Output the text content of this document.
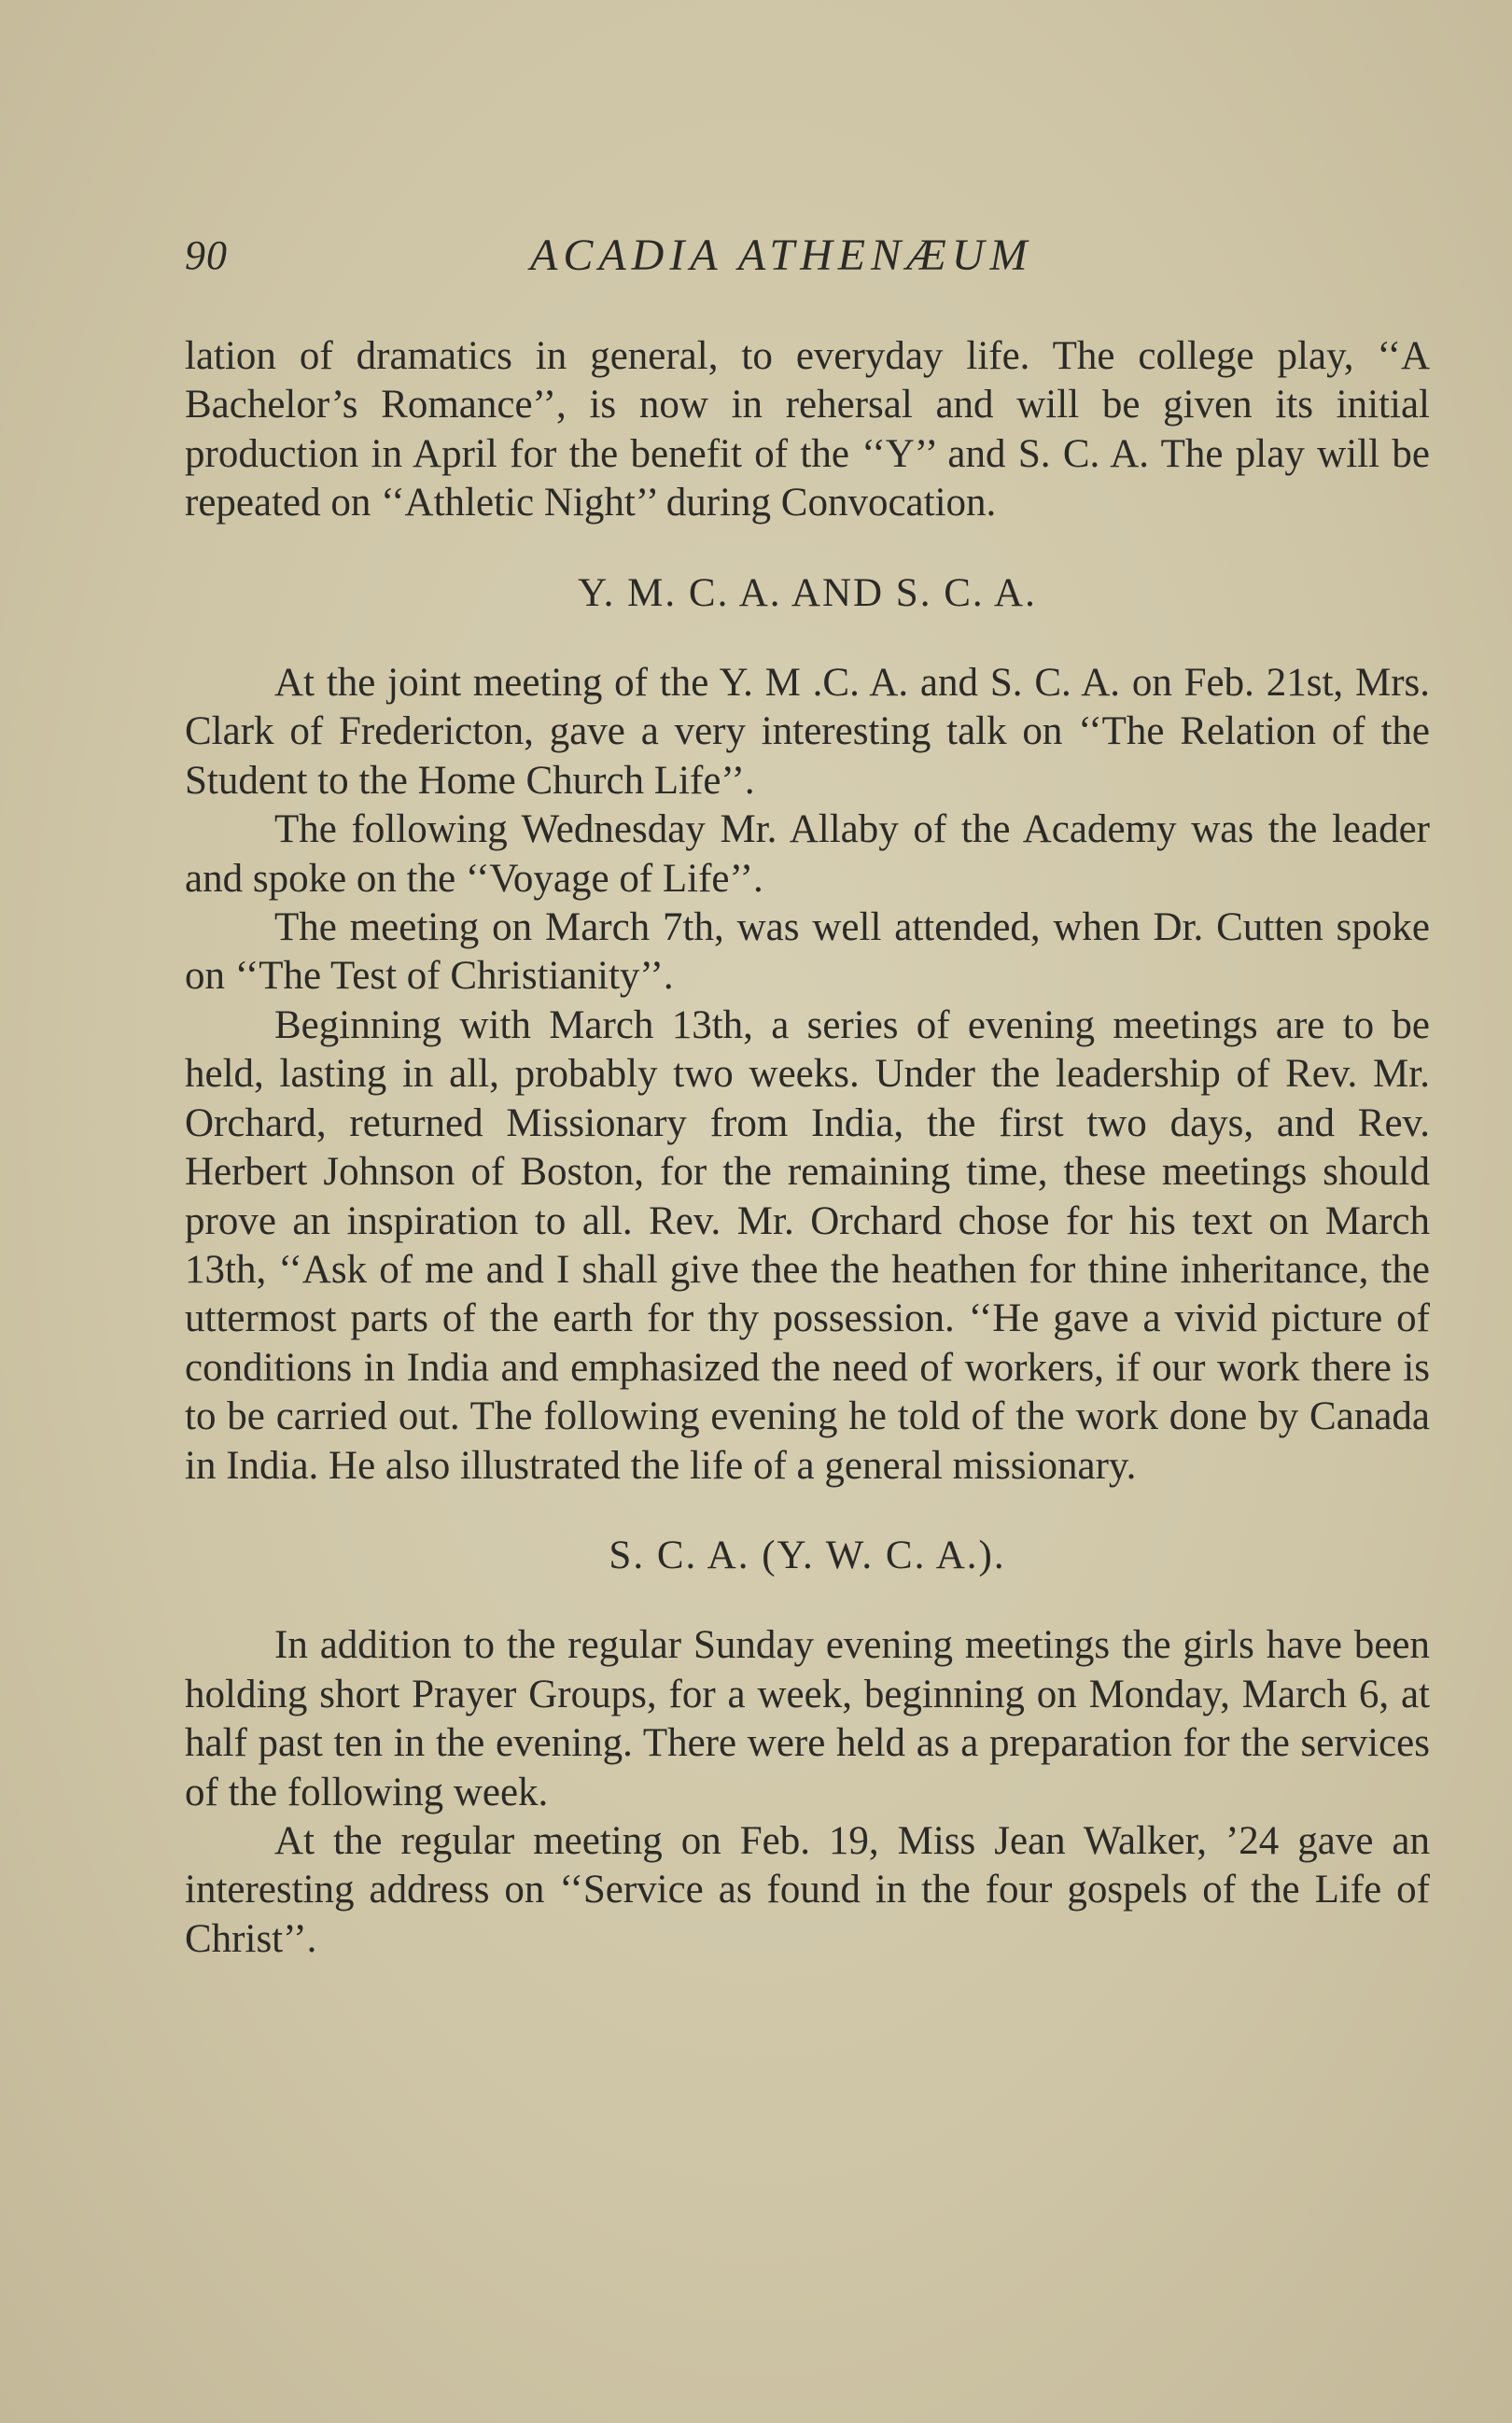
90	ACADIA ATHENÆUM

lation of dramatics in general, to everyday life. The college play, ‘‘A Bachelor’s Romance’’, is now in rehersal and will be given its initial production in April for the benefit of the ‘‘Y’’ and S. C. A. The play will be repeated on ‘‘Athletic Night’’ during Convocation.

Y. M. C. A. AND S. C. A.

At the joint meeting of the Y. M .C. A. and S. C. A. on Feb. 21st, Mrs. Clark of Fredericton, gave a very interesting talk on ‘‘The Relation of the Student to the Home Church Life’’.

The following Wednesday Mr. Allaby of the Academy was the leader and spoke on the ‘‘Voyage of Life’’.

The meeting on March 7th, was well attended, when Dr. Cutten spoke on ‘‘The Test of Christianity’’.

Beginning with March 13th, a series of evening meetings are to be held, lasting in all, probably two weeks. Under the leadership of Rev. Mr. Orchard, returned Missionary from India, the first two days, and Rev. Herbert Johnson of Boston, for the remaining time, these meetings should prove an inspiration to all. Rev. Mr. Orchard chose for his text on March 13th, ‘‘Ask of me and I shall give thee the heathen for thine inheritance, the uttermost parts of the earth for thy possession. ‘‘He gave a vivid picture of conditions in India and emphasized the need of workers, if our work there is to be carried out. The following evening he told of the work done by Canada in India. He also illustrated the life of a general missionary.

S. C. A. (Y. W. C. A.).

In addition to the regular Sunday evening meetings the girls have been holding short Prayer Groups, for a week, beginning on Monday, March 6, at half past ten in the evening. There were held as a preparation for the services of the following week.

At the regular meeting on Feb. 19, Miss Jean Walker, ’24 gave an interesting address on ‘‘Service as found in the four gospels of the Life of Christ’’.
